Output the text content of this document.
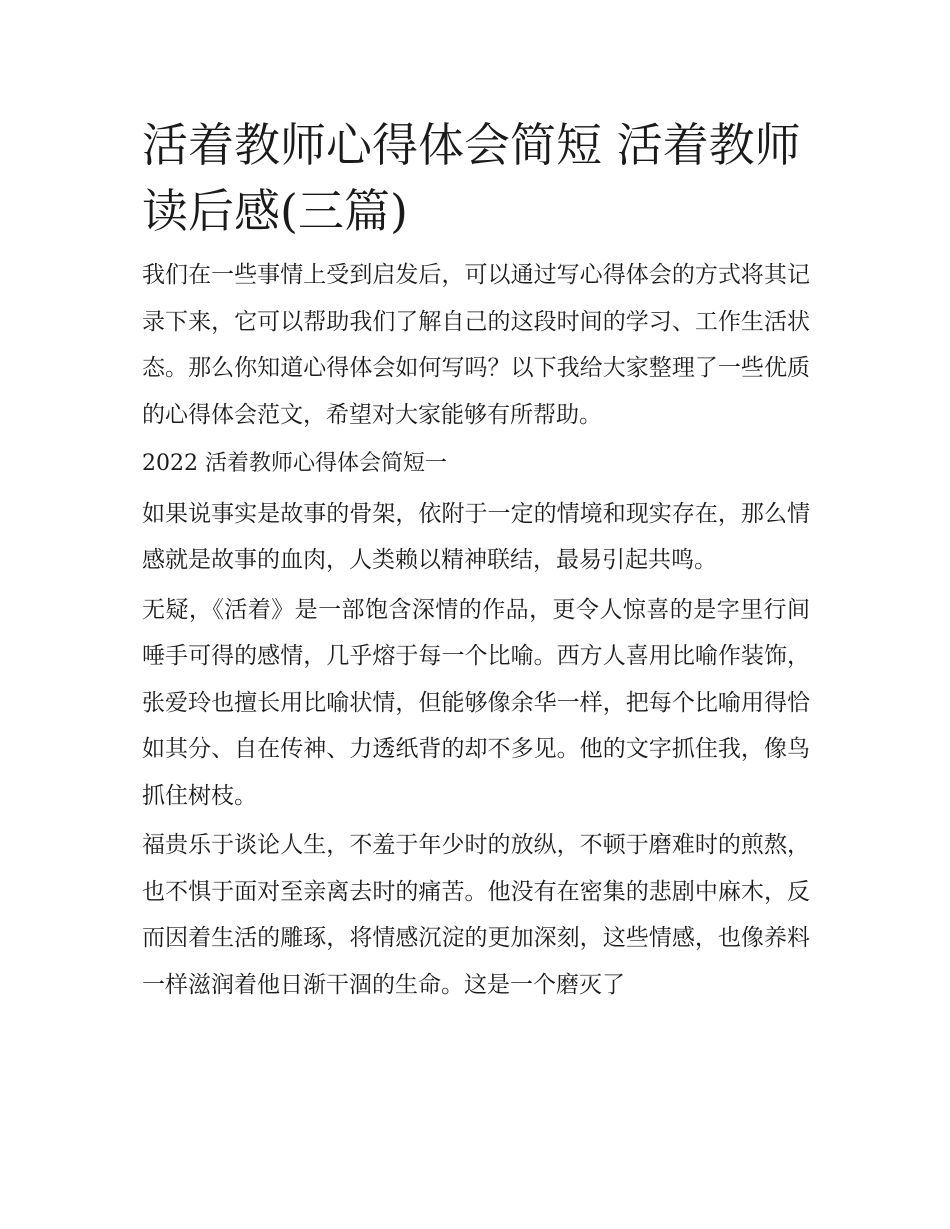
活着教师心得体会简短 活着教师读后感(三篇)

我们在一些事情上受到启发后，可以通过写心得体会的方式将其记录下来，它可以帮助我们了解自己的这段时间的学习、工作生活状态。那么你知道心得体会如何写吗？以下我给大家整理了一些优质的心得体会范文，希望对大家能够有所帮助。

2022 活着教师心得体会简短一

如果说事实是故事的骨架，依附于一定的情境和现实存在，那么情感就是故事的血肉，人类赖以精神联结，最易引起共鸣。

无疑，《活着》是一部饱含深情的作品，更令人惊喜的是字里行间唾手可得的感情，几乎熔于每一个比喻。西方人喜用比喻作装饰，张爱玲也擅长用比喻状情，但能够像余华一样，把每个比喻用得恰如其分、自在传神、力透纸背的却不多见。他的文字抓住我，像鸟抓住树枝。

福贵乐于谈论人生，不羞于年少时的放纵，不顿于磨难时的煎熬，也不惧于面对至亲离去时的痛苦。他没有在密集的悲剧中麻木，反而因着生活的雕琢，将情感沉淀的更加深刻，这些情感，也像养料一样滋润着他日渐干涸的生命。这是一个磨灭了
